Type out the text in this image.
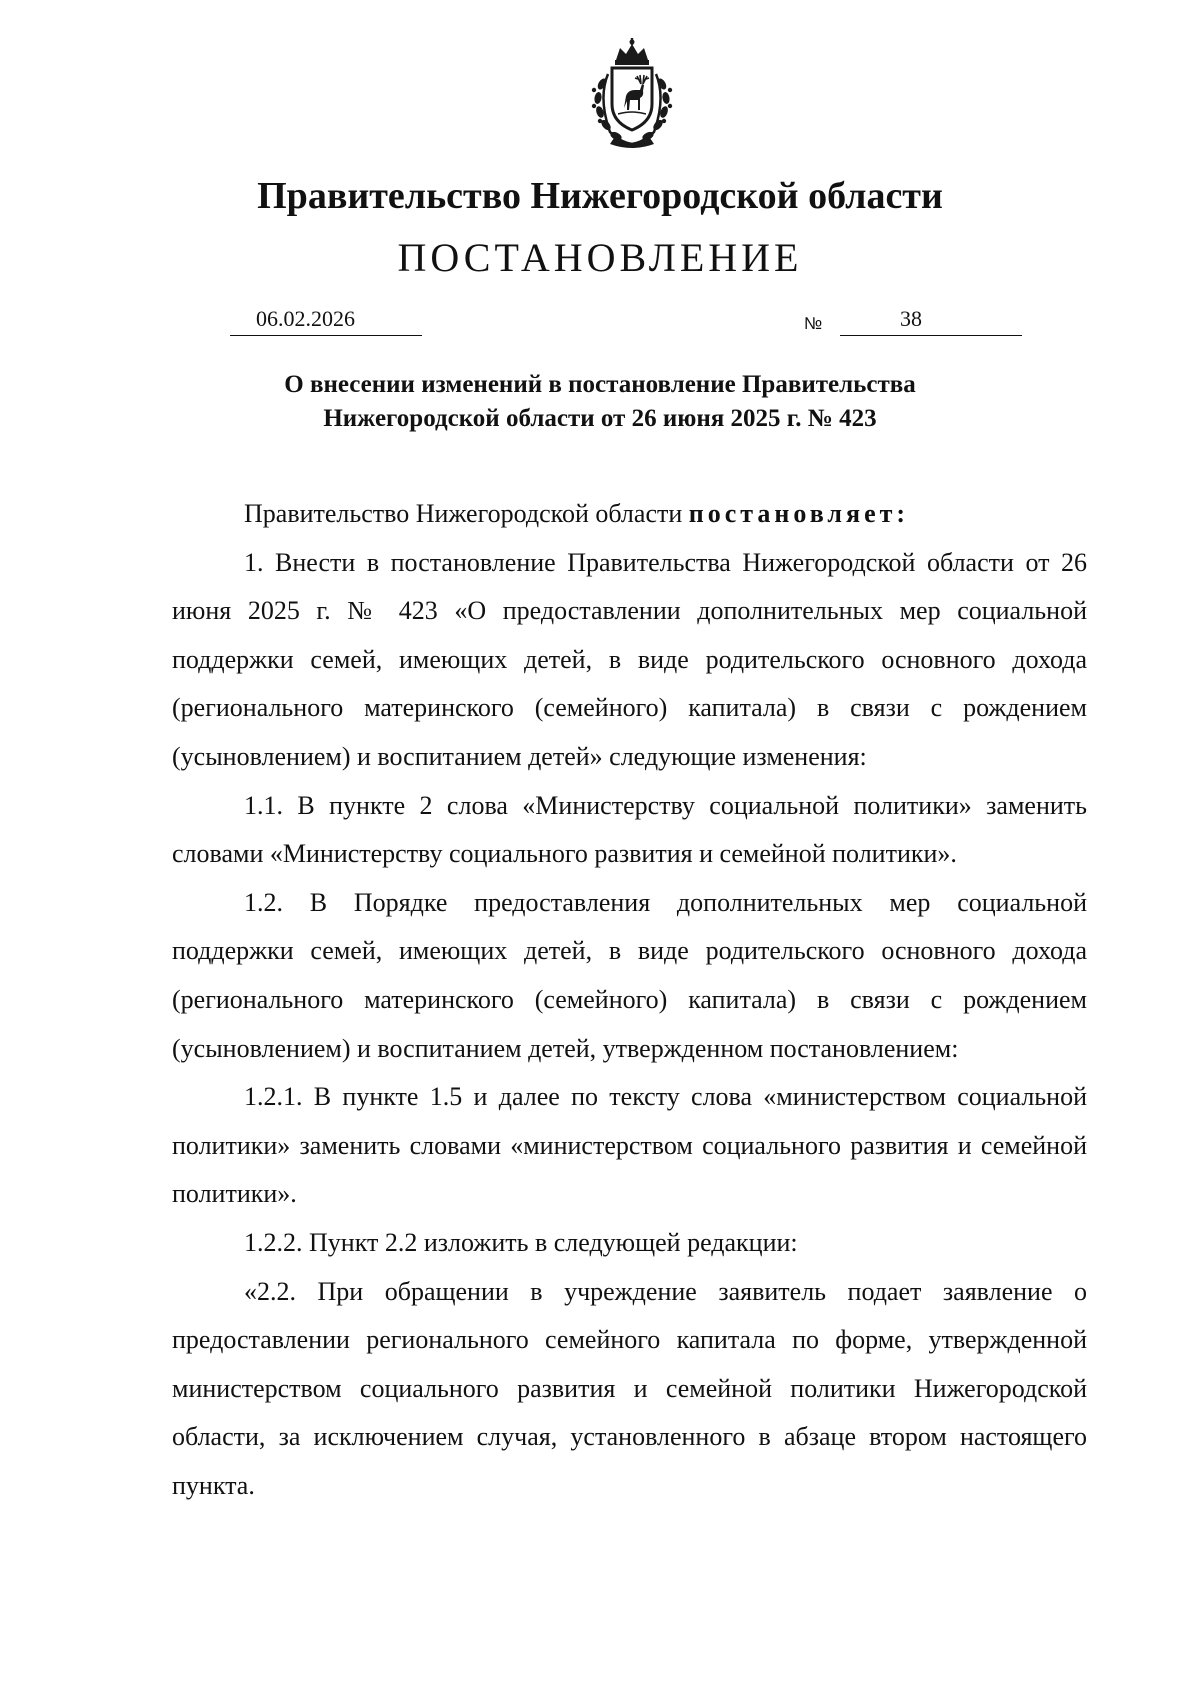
Правительство Нижегородской области
ПОСТАНОВЛЕНИЕ
06.02.2026	№	38
О внесении изменений в постановление Правительства
Нижегородской области от 26 июня 2025 г. № 423

Правительство Нижегородской области постановляет:

1. Внести в постановление Правительства Нижегородской области от 26 июня 2025 г. № 423 «О предоставлении дополнительных мер социальной поддержки семей, имеющих детей, в виде родительского основного дохода (регионального материнского (семейного) капитала) в связи с рождением (усыновлением) и воспитанием детей» следующие изменения:

1.1. В пункте 2 слова «Министерству социальной политики» заменить словами «Министерству социального развития и семейной политики».

1.2. В Порядке предоставления дополнительных мер социальной поддержки семей, имеющих детей, в виде родительского основного дохода (регионального материнского (семейного) капитала) в связи с рождением (усыновлением) и воспитанием детей, утвержденном постановлением:

1.2.1. В пункте 1.5 и далее по тексту слова «министерством социальной политики» заменить словами «министерством социального развития и семейной политики».

1.2.2. Пункт 2.2 изложить в следующей редакции:

«2.2. При обращении в учреждение заявитель подает заявление о предоставлении регионального семейного капитала по форме, утвержденной министерством социального развития и семейной политики Нижегородской области, за исключением случая, установленного в абзаце втором настоящего пункта.
